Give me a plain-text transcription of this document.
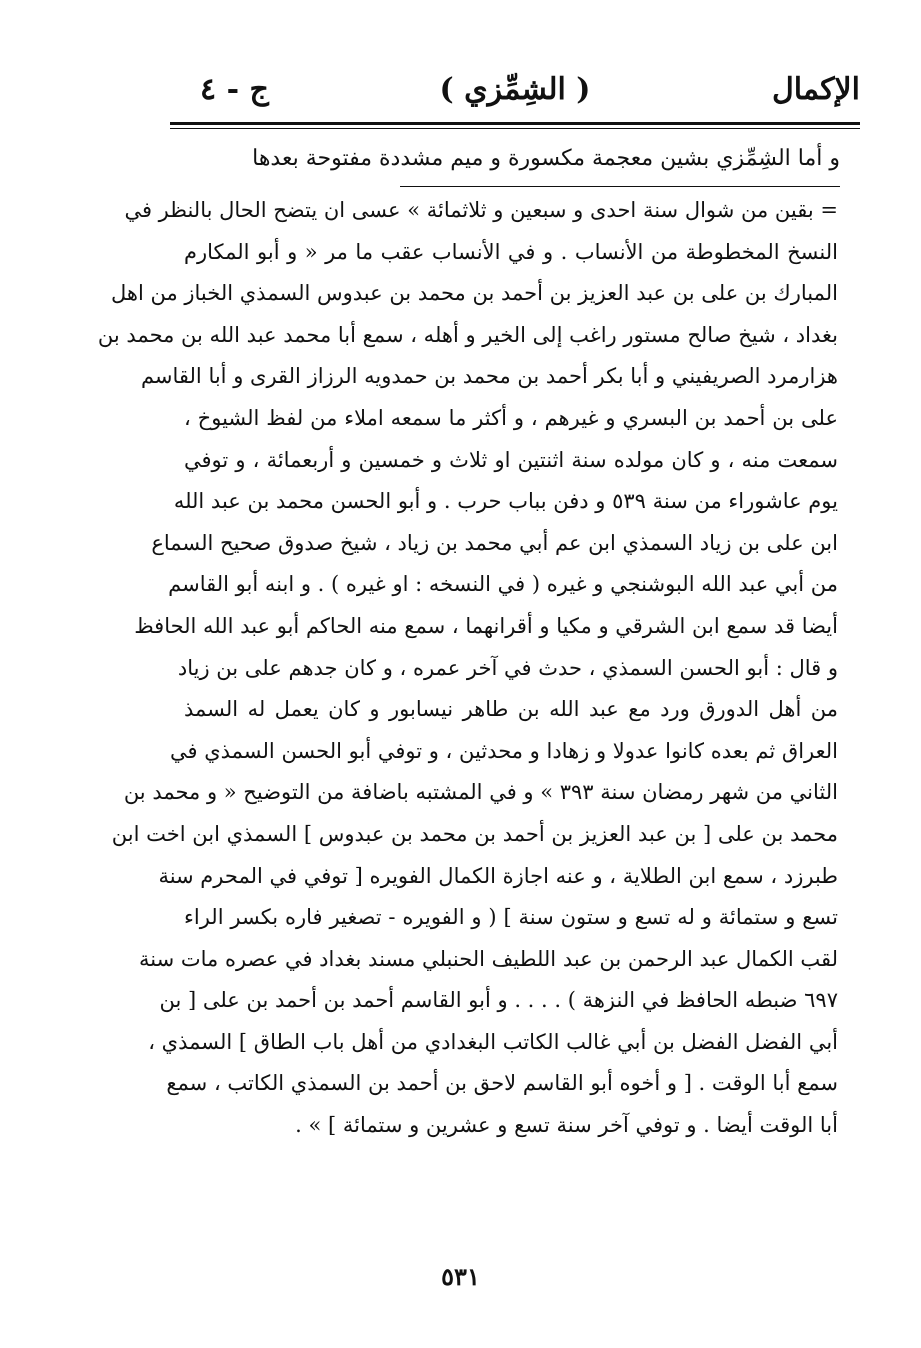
الإكمال
( الشِمِّزي )
ج - ٤
و أما الشِمِّزي بشين معجمة مكسورة و ميم مشددة مفتوحة بعدها
= بقين من شوال سنة احدى و سبعين و ثلاثمائة » عسى ان يتضح الحال بالنظر في
النسخ المخطوطة من الأنساب . و في الأنساب عقب ما مر « و أبو المكارم
المبارك بن على بن عبد العزيز بن أحمد بن محمد بن عبدوس السمذي الخباز من اهل
بغداد ، شيخ صالح مستور راغب إلى الخير و أهله ، سمع أبا محمد عبد الله بن محمد بن
هزارمرد الصريفيني و أبا بكر أحمد بن محمد بن حمدويه الرزاز القرى و أبا القاسم
على بن أحمد بن البسري و غيرهم ، و أكثر ما سمعه املاء من لفظ الشيوخ ،
سمعت منه ، و كان مولده سنة اثنتين او ثلاث و خمسين و أربعمائة ، و توفي
يوم عاشوراء من سنة ٥٣٩ و دفن بباب حرب . و أبو الحسن محمد بن عبد الله
ابن على بن زياد السمذي ابن عم أبي محمد بن زياد ، شيخ صدوق صحيح السماع
من أبي عبد الله البوشنجي و غيره ( في النسخه : او غيره ) . و ابنه أبو القاسم
أيضا قد سمع ابن الشرقي و مكيا و أقرانهما ، سمع منه الحاكم أبو عبد الله الحافظ
و قال : أبو الحسن السمذي ، حدث في آخر عمره ، و كان جدهم على بن زياد
من أهل الدورق ورد مع عبد الله بن طاهر نيسابور و كان يعمل له السمذ
العراق ثم بعده كانوا عدولا و زهادا و محدثين ، و توفي أبو الحسن السمذي في
الثاني من شهر رمضان سنة ٣٩٣ » و في المشتبه باضافة من التوضيح « و محمد بن
محمد بن على [ بن عبد العزيز بن أحمد بن محمد بن عبدوس ] السمذي ابن اخت ابن
طبرزد ، سمع ابن الطلاية ، و عنه اجازة الكمال الفويره [ توفي في المحرم سنة
تسع و ستمائة و له تسع و ستون سنة ] ( و الفويره - تصغير فاره بكسر الراء
لقب الكمال عبد الرحمن بن عبد اللطيف الحنبلي مسند بغداد في عصره مات سنة
٦٩٧ ضبطه الحافظ في النزهة ) . . . . و أبو القاسم أحمد بن أحمد بن على [ بن
أبي الفضل الفضل بن أبي غالب الكاتب البغدادي من أهل باب الطاق ] السمذي ،
سمع أبا الوقت . [ و أخوه أبو القاسم لاحق بن أحمد بن السمذي الكاتب ، سمع
أبا الوقت أيضا . و توفي آخر سنة تسع و عشرين و ستمائة ] » .
٥٣١
